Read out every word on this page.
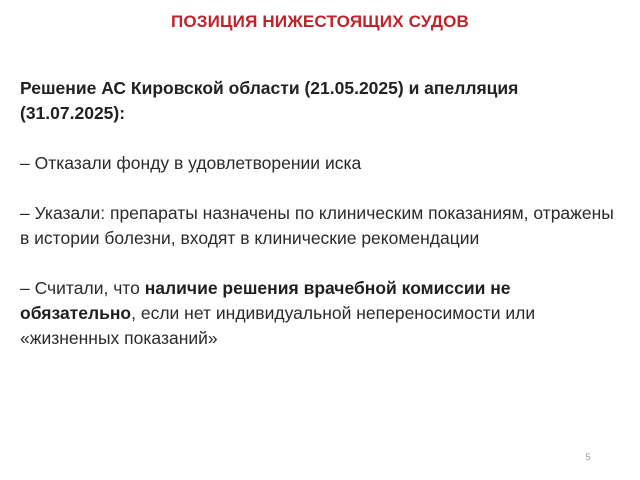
ПОЗИЦИЯ НИЖЕСТОЯЩИХ СУДОВ
Решение АС Кировской области (21.05.2025) и апелляция (31.07.2025):
– Отказали фонду в удовлетворении иска
– Указали: препараты назначены по клиническим показаниям, отражены в истории болезни, входят в клинические рекомендации
– Считали, что наличие решения врачебной комиссии не обязательно, если нет индивидуальной непереносимости или «жизненных показаний»
5
